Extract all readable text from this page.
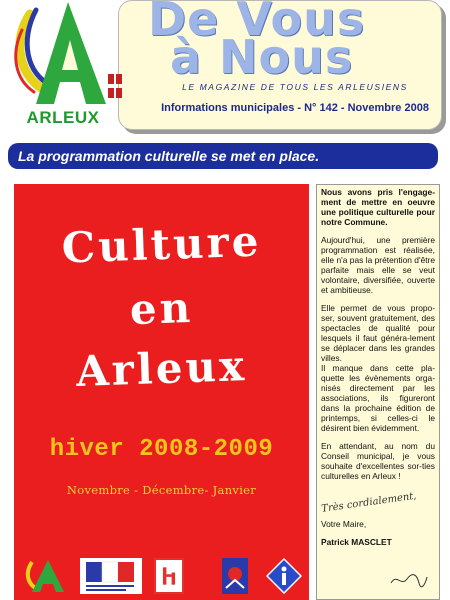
ARLEUX
De Vous
à Nous
LE MAGAZINE DE TOUS LES ARLEUSIENS
Informations municipales - N° 142 - Novembre 2008
La programmation culturelle se met en place.
Culture
en
Arleux
hiver 2008-2009
Novembre - Décembre- Janvier

Nous avons pris l'engage-ment de mettre en oeuvre une politique culturelle pour notre Commune.

Aujourd'hui, une première programmation est réalisée, elle n'a pas la prétention d'être parfaite mais elle se veut volontaire, diversifiée, ouverte et ambitieuse.

Elle permet de vous propo-ser, souvent gratuitement, des spectacles de qualité pour lesquels il faut généra-lement se déplacer dans les grandes villes.

Il manque dans cette pla-quette les évènements orga-nisés directement par les associations, ils figureront dans la prochaine édition de printemps, si celles-ci le désirent bien évidemment.

En attendant, au nom du Conseil municipal, je vous souhaite d'excellentes sor-ties culturelles en Arleux !

Très cordialement,

Votre Maire,

Patrick MASCLET
